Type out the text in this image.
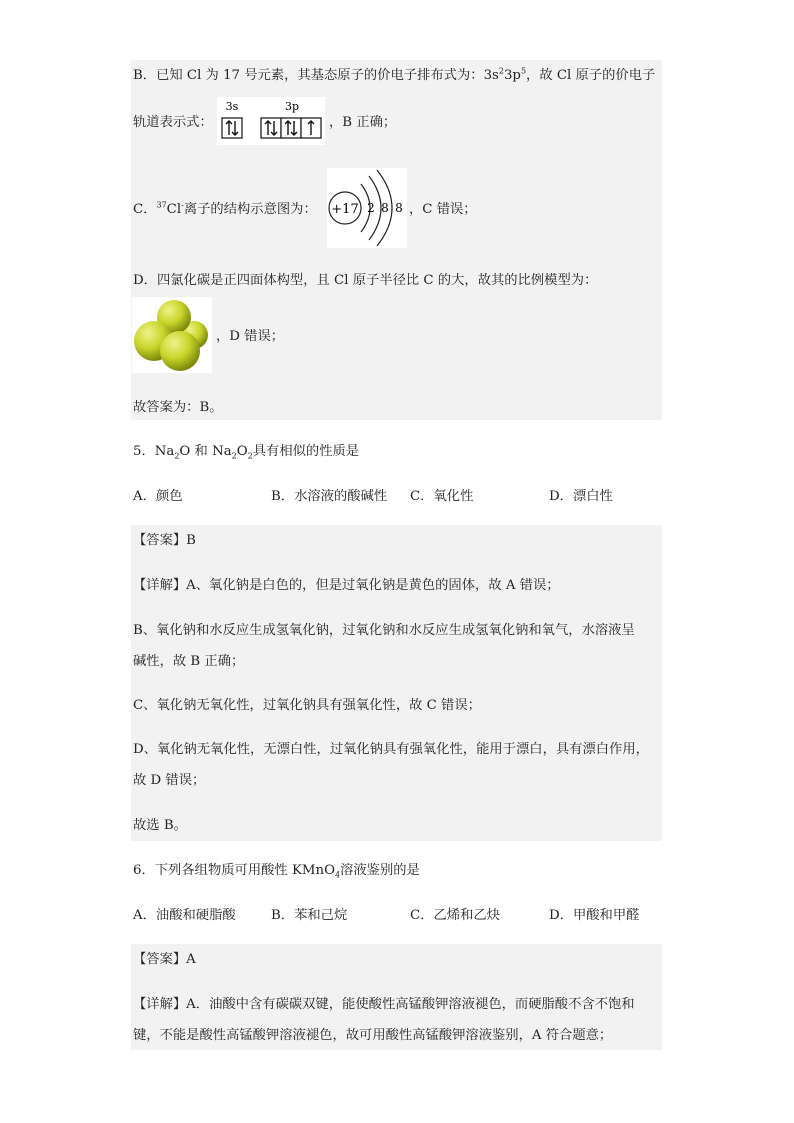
B．已知 Cl 为 17 号元素，其基态原子的价电子排布式为：$3s^23p^5$，故 Cl 原子的价电子
轨道表示式：
3s	3p
，B 正确；
C．$^{37}$Cl-离子的结构示意图为： +17 2 8 8 ，C 错误；
D．四氯化碳是正四面体构型，且 Cl 原子半径比 C 的大，故其的比例模型为：
，D 错误；
故答案为：B。
5．$Na_2O$ 和 $Na_2O_2$具有相似的性质是
A．颜色	B．水溶液的酸碱性 C．氧化性	D．漂白性
【答案】B
【详解】A、氧化钠是白色的，但是过氧化钠是黄色的固体，故 A 错误；
B、氧化钠和水反应生成氢氧化钠，过氧化钠和水反应生成氢氧化钠和氧气，水溶液呈
碱性，故 B 正确；
C、氧化钠无氧化性，过氧化钠具有强氧化性，故 C 错误；
D、氧化钠无氧化性，无漂白性，过氧化钠具有强氧化性，能用于漂白，具有漂白作用，
故 D 错误；
故选 B。
6．下列各组物质可用酸性 KMnO$_4$溶液鉴别的是
A．油酸和硬脂酸	B．苯和己烷	C．乙烯和乙炔	D．甲酸和甲醛
【答案】A
【详解】A．油酸中含有碳碳双键，能使酸性高锰酸钾溶液褪色，而硬脂酸不含不饱和
键，不能是酸性高锰酸钾溶液褪色，故可用酸性高锰酸钾溶液鉴别，A 符合题意；
